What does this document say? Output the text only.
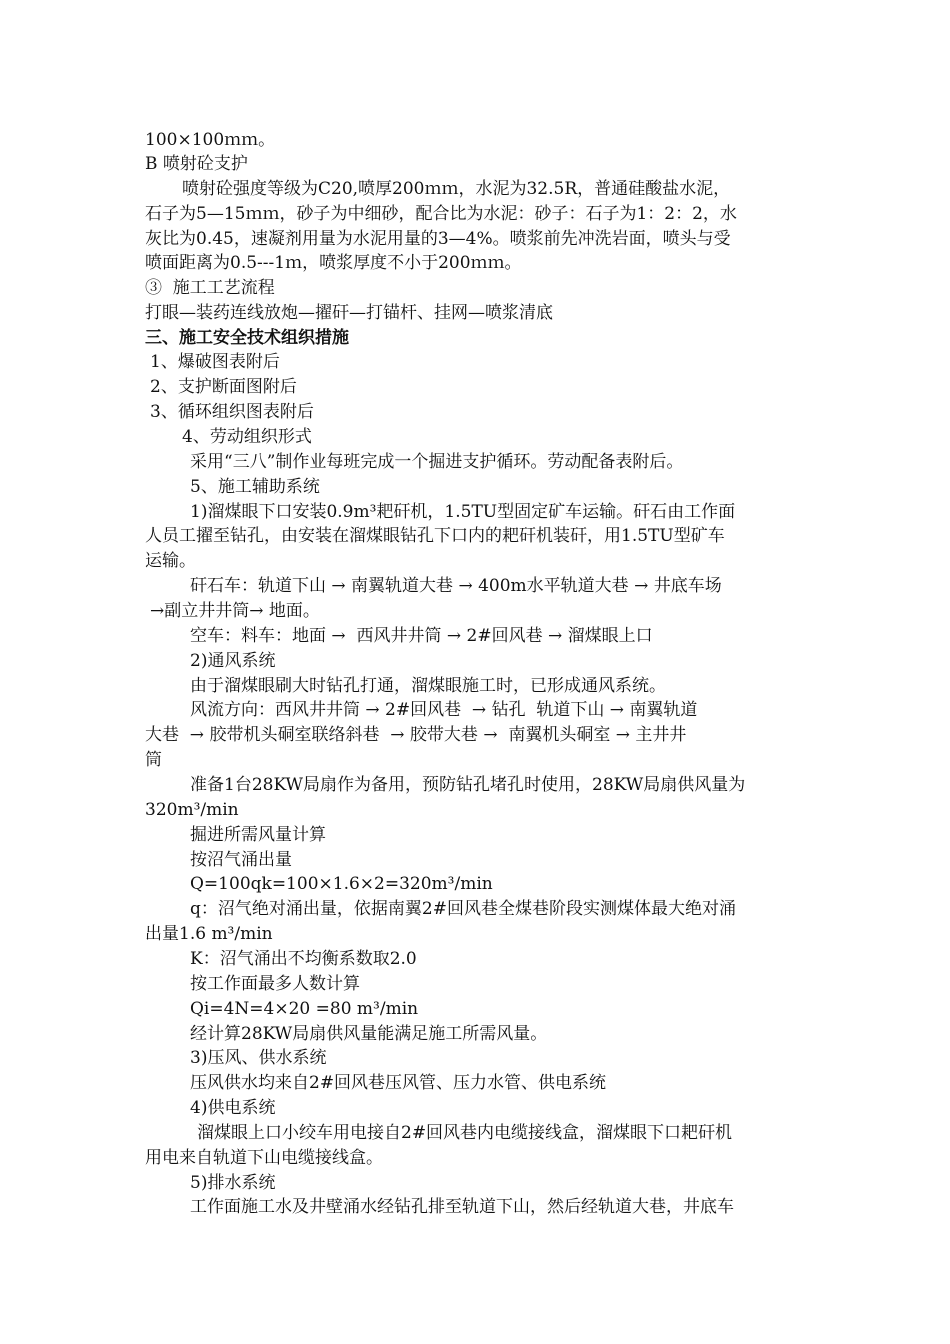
100×100ｍｍ。
B 喷射砼支护
喷射砼强度等级为C20,喷厚200ｍｍ，水泥为32.5R，普通硅酸盐水泥，
石子为5—15ｍｍ，砂子为中细砂，配合比为水泥：砂子：石子为1：2：2，水
灰比为0.45，速凝剂用量为水泥用量的3—4%。喷浆前先冲洗岩面，喷头与受
喷面距离为0.5---1ｍ，喷浆厚度不小于200ｍｍ。
③  施工工艺流程
打眼—装药连线放炮—擢矸—打锚杆、挂网—喷浆清底
三、施工安全技术组织措施
1、爆破图表附后
2、支护断面图附后
3、循环组织图表附后
4、劳动组织形式
采用“三八”制作业每班完成一个掘进支护循环。劳动配备表附后。
5、施工辅助系统
1)溜煤眼下口安装0.9m³耙矸机，1.5TU型固定矿车运输。矸石由工作面
人员工擢至钻孔，由安装在溜煤眼钻孔下口内的耙矸机装矸，用1.5TU型矿车
运输。
矸石车：轨道下山 → 南翼轨道大巷 → 400m水平轨道大巷 → 井底车场
→副立井井筒→ 地面。
空车：料车：地面 →  西风井井筒 → 2#回风巷 → 溜煤眼上口
2)通风系统
由于溜煤眼刷大时钻孔打通，溜煤眼施工时，已形成通风系统。
风流方向：西风井井筒 → 2#回风巷  → 钻孔  轨道下山 → 南翼轨道
大巷  → 胶带机头硐室联络斜巷  → 胶带大巷 →  南翼机头硐室 → 主井井
筒
准备1台28KW局扇作为备用，预防钻孔堵孔时使用，28KW局扇供风量为
320m³/min
掘进所需风量计算
按沼气涌出量
Q=100qk=100×1.6×2=320m³/min
q：沼气绝对涌出量，依据南翼2#回风巷全煤巷阶段实测煤体最大绝对涌
出量1.6 m³/min
K：沼气涌出不均衡系数取2.0
按工作面最多人数计算
Qi=4N=4×20 =80 m³/min
经计算28KW局扇供风量能满足施工所需风量。
3)压风、供水系统
压风供水均来自2#回风巷压风管、压力水管、供电系统
4)供电系统
溜煤眼上口小绞车用电接自2#回风巷内电缆接线盒，溜煤眼下口耙矸机
用电来自轨道下山电缆接线盒。
5)排水系统
工作面施工水及井壁涌水经钻孔排至轨道下山，然后经轨道大巷，井底车
